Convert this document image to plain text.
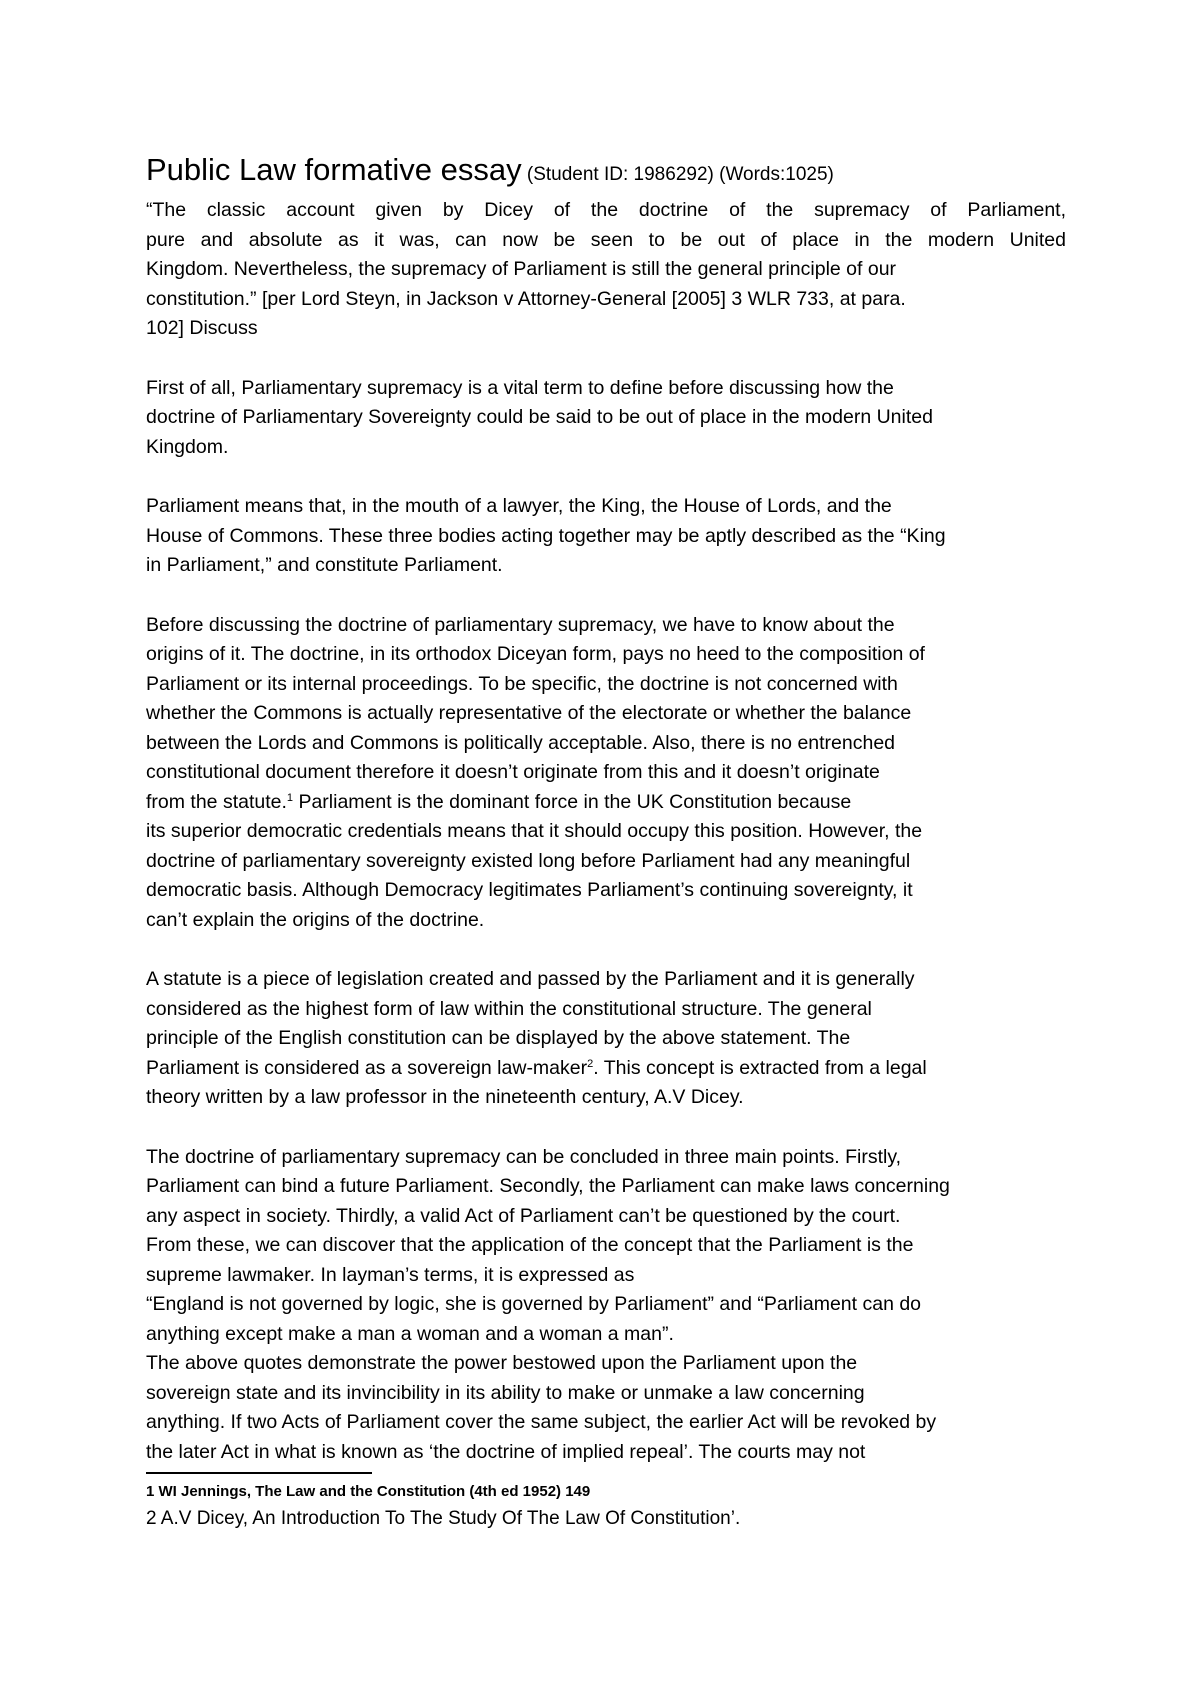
Public Law formative essay (Student ID: 1986292) (Words:1025)

“The classic account given by Dicey of the doctrine of the supremacy of Parliament,
pure and absolute as it was, can now be seen to be out of place in the modern United
Kingdom. Nevertheless, the supremacy of Parliament is still the general principle of our
constitution.” [per Lord Steyn, in Jackson v Attorney-General [2005] 3 WLR 733, at para.
102] Discuss

First of all, Parliamentary supremacy is a vital term to define before discussing how the
doctrine of Parliamentary Sovereignty could be said to be out of place in the modern United
Kingdom.

Parliament means that, in the mouth of a lawyer, the King, the House of Lords, and the
House of Commons. These three bodies acting together may be aptly described as the “King
in Parliament,” and constitute Parliament.

Before discussing the doctrine of parliamentary supremacy, we have to know about the
origins of it. The doctrine, in its orthodox Diceyan form, pays no heed to the composition of
Parliament or its internal proceedings. To be specific, the doctrine is not concerned with
whether the Commons is actually representative of the electorate or whether the balance
between the Lords and Commons is politically acceptable. Also, there is no entrenched
constitutional document therefore it doesn’t originate from this and it doesn’t originate
from the statute.$^1$ Parliament is the dominant force in the UK Constitution because
its superior democratic credentials means that it should occupy this position. However, the
doctrine of parliamentary sovereignty existed long before Parliament had any meaningful
democratic basis. Although Democracy legitimates Parliament’s continuing sovereignty, it
can’t explain the origins of the doctrine.

A statute is a piece of legislation created and passed by the Parliament and it is generally
considered as the highest form of law within the constitutional structure. The general
principle of the English constitution can be displayed by the above statement. The
Parliament is considered as a sovereign law-maker$^2$. This concept is extracted from a legal
theory written by a law professor in the nineteenth century, A.V Dicey.

The doctrine of parliamentary supremacy can be concluded in three main points. Firstly,
Parliament can bind a future Parliament. Secondly, the Parliament can make laws concerning
any aspect in society. Thirdly, a valid Act of Parliament can’t be questioned by the court.
From these, we can discover that the application of the concept that the Parliament is the
supreme lawmaker. In layman’s terms, it is expressed as
“England is not governed by logic, she is governed by Parliament” and “Parliament can do
anything except make a man a woman and a woman a man”.
The above quotes demonstrate the power bestowed upon the Parliament upon the
sovereign state and its invincibility in its ability to make or unmake a law concerning
anything. If two Acts of Parliament cover the same subject, the earlier Act will be revoked by
the later Act in what is known as ‘the doctrine of implied repeal’. The courts may not

1 WI Jennings, The Law and the Constitution (4th ed 1952) 149

2 A.V Dicey, An Introduction To The Study Of The Law Of Constitution’.
